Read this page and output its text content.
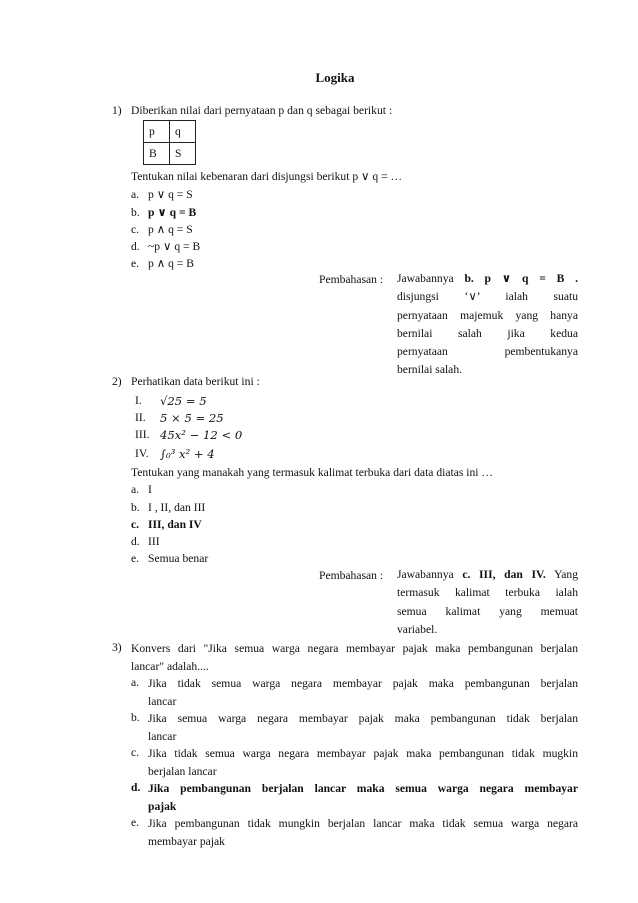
Logika
1) Diberikan nilai dari pernyataan p dan q sebagai berikut :
p	q
B	S
Tentukan nilai kebenaran dari disjungsi berikut p ∨ q = …
a. p ∨ q = S
b. p ∨ q = B
c. p ∧ q = S
d. ~p ∨ q = B
e. p ∧ q = B
Pembahasan : Jawabannya b. p ∨ q = B .
disjungsi ‘∨’ ialah suatu
pernyataan majemuk yang hanya
bernilai salah jika kedua
pernyataan pembentukanya
bernilai salah.
2) Perhatikan data berikut ini :
I. √25 = 5
II. 5 × 5 = 25
III. 45x² − 12 < 0
IV. ∫₀³ x² + 4
Tentukan yang manakah yang termasuk kalimat terbuka dari data diatas ini …
a. I
b. I , II, dan III
c. III, dan IV
d. III
e. Semua benar
Pembahasan : Jawabannya c. III, dan IV. Yang
termasuk kalimat terbuka ialah
semua kalimat yang memuat
variabel.
3) Konvers dari "Jika semua warga negara membayar pajak maka pembangunan berjalan
lancar" adalah....
a. Jika tidak semua warga negara membayar pajak maka pembangunan berjalan
lancar
b. Jika semua warga negara membayar pajak maka pembangunan tidak berjalan
lancar
c. Jika tidak semua warga negara membayar pajak maka pembangunan tidak mugkin
berjalan lancar
d. Jika pembangunan berjalan lancar maka semua warga negara membayar
pajak
e. Jika pembangunan tidak mungkin berjalan lancar maka tidak semua warga negara
membayar pajak
